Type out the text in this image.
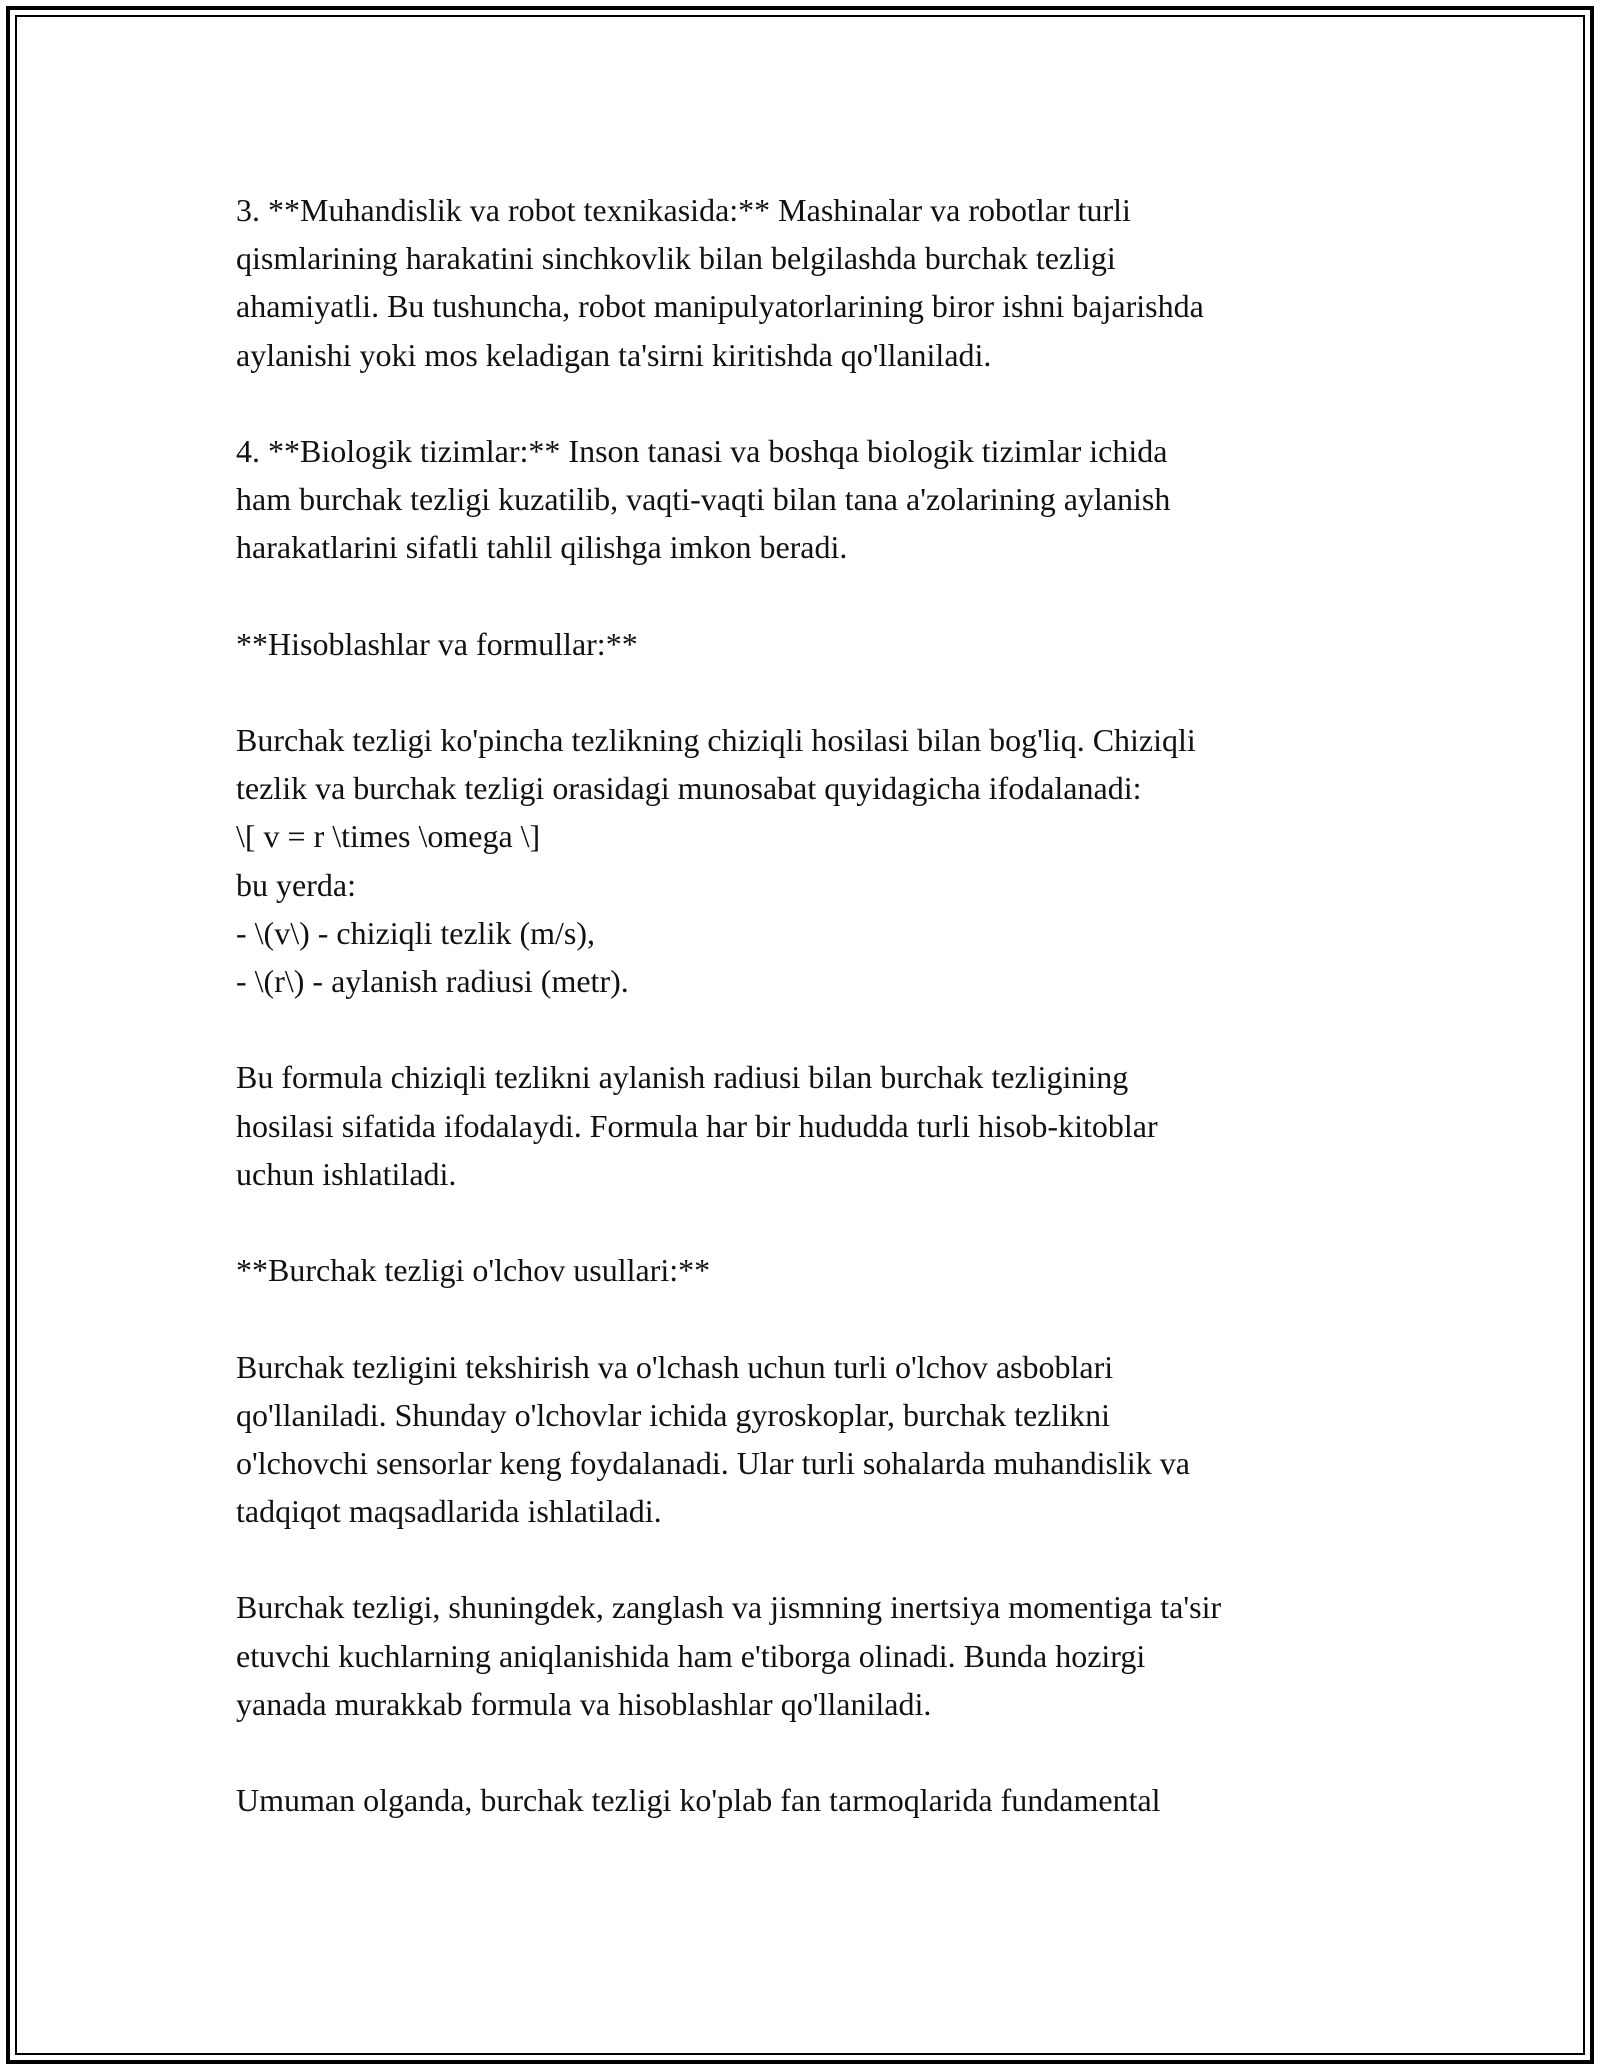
3. **Muhandislik va robot texnikasida:** Mashinalar va robotlar turli
qismlarining harakatini sinchkovlik bilan belgilashda burchak tezligi
ahamiyatli. Bu tushuncha, robot manipulyatorlarining biror ishni bajarishda
aylanishi yoki mos keladigan ta'sirni kiritishda qo'llaniladi.
4. **Biologik tizimlar:** Inson tanasi va boshqa biologik tizimlar ichida
ham burchak tezligi kuzatilib, vaqti-vaqti bilan tana a'zolarining aylanish
harakatlarini sifatli tahlil qilishga imkon beradi.
**Hisoblashlar va formullar:**
Burchak tezligi ko'pincha tezlikning chiziqli hosilasi bilan bog'liq. Chiziqli
tezlik va burchak tezligi orasidagi munosabat quyidagicha ifodalanadi:
\[ v = r \times \omega \]
bu yerda:
- \(v\) - chiziqli tezlik (m/s),
- \(r\) - aylanish radiusi (metr).
Bu formula chiziqli tezlikni aylanish radiusi bilan burchak tezligining
hosilasi sifatida ifodalaydi. Formula har bir hududda turli hisob-kitoblar
uchun ishlatiladi.
**Burchak tezligi o'lchov usullari:**
Burchak tezligini tekshirish va o'lchash uchun turli o'lchov asboblari
qo'llaniladi. Shunday o'lchovlar ichida gyroskoplar, burchak tezlikni
o'lchovchi sensorlar keng foydalanadi. Ular turli sohalarda muhandislik va
tadqiqot maqsadlarida ishlatiladi.
Burchak tezligi, shuningdek, zanglash va jismning inertsiya momentiga ta'sir
etuvchi kuchlarning aniqlanishida ham e'tiborga olinadi. Bunda hozirgi
yanada murakkab formula va hisoblashlar qo'llaniladi.
Umuman olganda, burchak tezligi ko'plab fan tarmoqlarida fundamental
